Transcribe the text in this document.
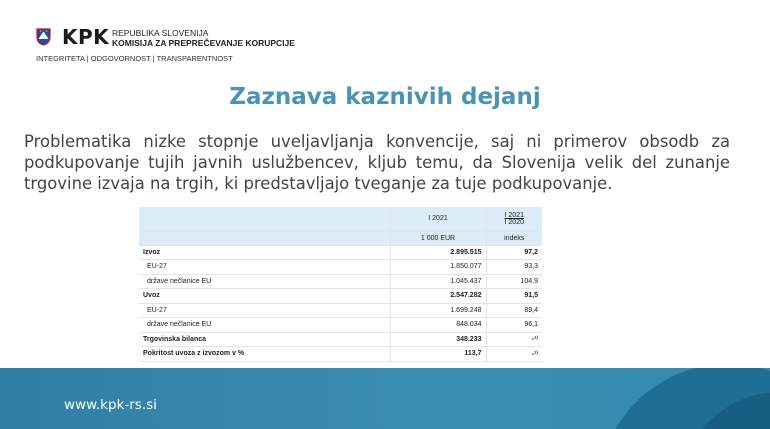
KPK REPUBLIKA SLOVENIJA
KOMISIJA ZA PREPREČEVANJE KORUPCIJE
INTEGRITETA | ODGOVORNOST | TRANSPARENTNOST
Zaznava kaznivih dejanj
Problematika nizke stopnje uveljavljanja konvencije, saj ni primerov obsodb za podkupovanje tujih javnih uslužbencev, kljub temu, da Slovenija velik del zunanje trgovine izvaja na trgih, ki predstavljajo tveganje za tuje podkupovanje.
	I 2021	I 2021
I 2020

	1 000 EUR	indeks
Izvoz	2.895.515	97,2
EU-27	1.850.077	93,3
države nečlanice EU	1.045.437	104,9
Uvoz	2.547.282	91,5
EU-27	1.699.248	89,4
države nečlanice EU	848.034	96,1
Trgovinska bilanca	348.233	-¹⁾
Pokritost uvoza z izvozom v %	113,7	-¹⁾
www.kpk-rs.si
